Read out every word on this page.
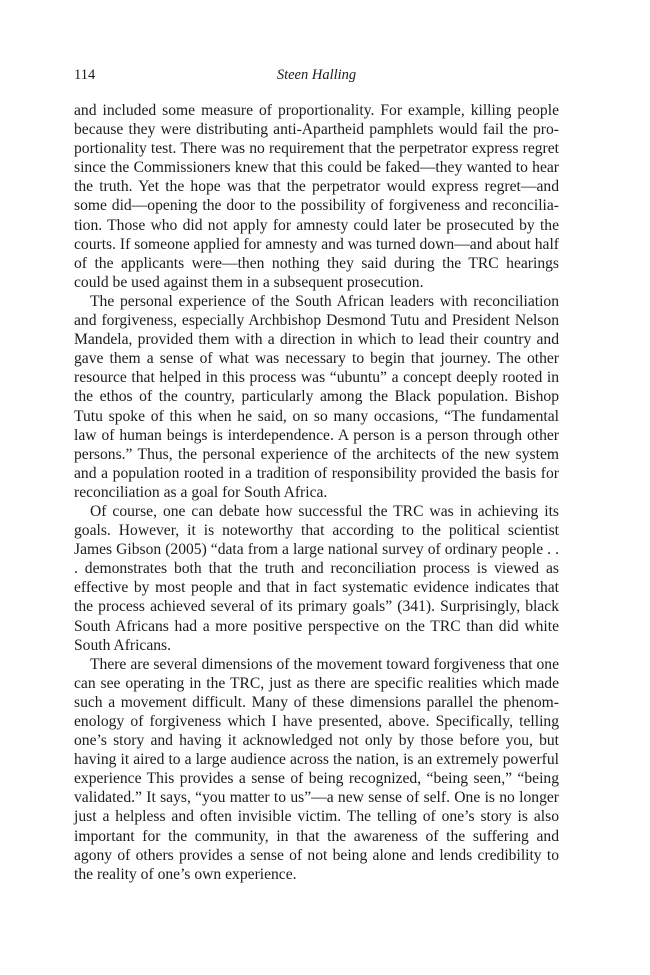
114	Steen Halling

and included some measure of proportionality. For example, killing people because they were distributing anti-Apartheid pamphlets would fail the proportionality test. There was no requirement that the perpetrator express regret since the Commissioners knew that this could be faked—they wanted to hear the truth. Yet the hope was that the perpetrator would express regret—and some did—opening the door to the possibility of forgiveness and reconciliation. Those who did not apply for amnesty could later be prosecuted by the courts. If someone applied for amnesty and was turned down—and about half of the applicants were—then nothing they said during the TRC hearings could be used against them in a subsequent prosecution.

The personal experience of the South African leaders with reconciliation and forgiveness, especially Archbishop Desmond Tutu and President Nelson Mandela, provided them with a direction in which to lead their country and gave them a sense of what was necessary to begin that journey. The other resource that helped in this process was “ubuntu” a concept deeply rooted in the ethos of the country, particularly among the Black population. Bishop Tutu spoke of this when he said, on so many occasions, “The fundamental law of human beings is interdependence. A person is a person through other persons.” Thus, the personal experience of the architects of the new system and a population rooted in a tradition of responsibility provided the basis for reconciliation as a goal for South Africa.

Of course, one can debate how successful the TRC was in achieving its goals. However, it is noteworthy that according to the political scientist James Gibson (2005) “data from a large national survey of ordinary people . . . demonstrates both that the truth and reconciliation process is viewed as effective by most people and that in fact systematic evidence indicates that the process achieved several of its primary goals” (341). Surprisingly, black South Africans had a more positive perspective on the TRC than did white South Africans.

There are several dimensions of the movement toward forgiveness that one can see operating in the TRC, just as there are specific realities which made such a movement difficult. Many of these dimensions parallel the phenomenology of forgiveness which I have presented, above. Specifically, telling one’s story and having it acknowledged not only by those before you, but having it aired to a large audience across the nation, is an extremely powerful experience This provides a sense of being recognized, “being seen,” “being validated.” It says, “you matter to us”—a new sense of self. One is no longer just a helpless and often invisible victim. The telling of one’s story is also important for the community, in that the awareness of the suffering and agony of others provides a sense of not being alone and lends credibility to the reality of one’s own experience.
